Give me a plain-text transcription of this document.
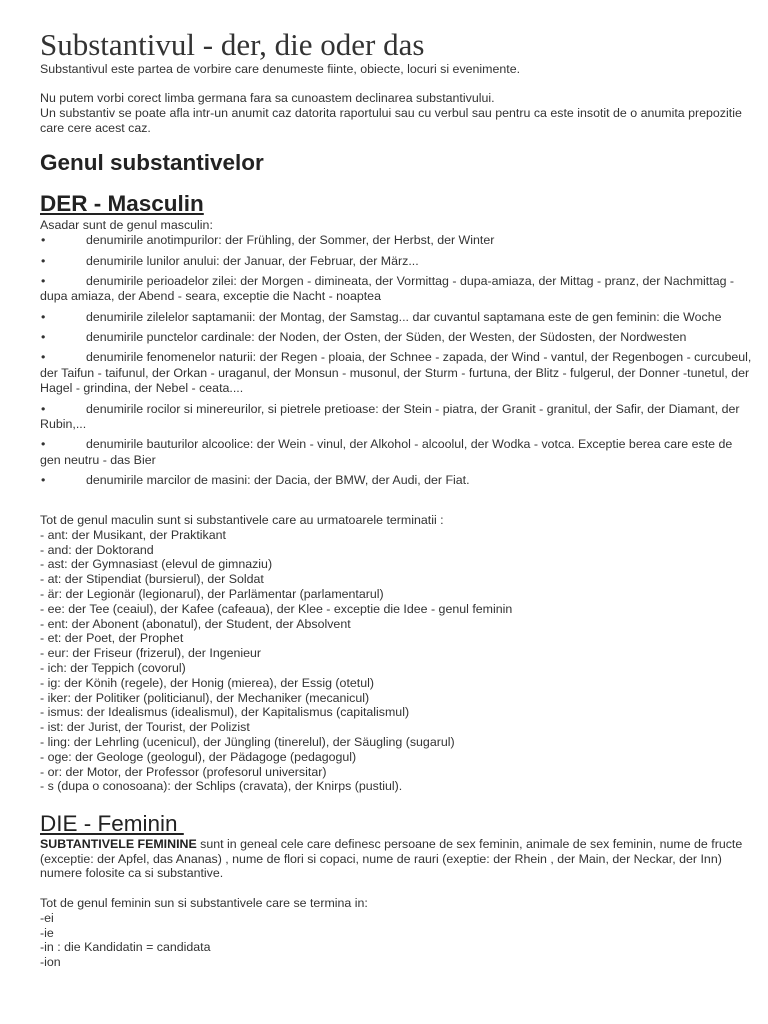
Substantivul - der, die oder das

Substantivul este partea de vorbire care denumeste fiinte, obiecte, locuri si evenimente.

Nu putem vorbi corect limba germana fara sa cunoastem declinarea substantivului.

Un substantiv se poate afla intr-un anumit caz datorita raportului sau cu verbul sau pentru ca este insotit de o anumita prepozitie care cere acest caz.

Genul substantivelor
DER - Masculin

Asadar sunt de genul masculin:

•	denumirile anotimpurilor: der Frühling, der Sommer, der Herbst, der Winter

•	denumirile lunilor anului: der Januar, der Februar, der März...

•	denumirile perioadelor zilei: der Morgen - dimineata, der Vormittag - dupa-amiaza, der Mittag - pranz, der Nachmittag - dupa amiaza, der Abend - seara, exceptie die Nacht - noaptea

•	denumirile zilelelor saptamanii: der Montag, der Samstag... dar cuvantul saptamana este de gen feminin: die Woche

•	denumirile punctelor cardinale: der Noden, der Osten, der Süden, der Westen, der Südosten, der Nordwesten

•	denumirile fenomenelor naturii: der Regen - ploaia, der Schnee - zapada, der Wind - vantul, der Regenbogen - curcubeul, der Taifun - taifunul, der Orkan - uraganul, der Monsun - musonul, der Sturm - furtuna, der Blitz - fulgerul, der Donner -tunetul, der Hagel - grindina, der Nebel - ceata....

•	denumirile rocilor si minereurilor, si pietrele pretioase: der Stein - piatra, der Granit - granitul, der Safir, der Diamant, der Rubin,...

•	denumirile bauturilor alcoolice: der Wein - vinul, der Alkohol - alcoolul, der Wodka - votca. Exceptie berea care este de gen neutru - das Bier

•	denumirile marcilor de masini: der Dacia, der BMW, der Audi, der Fiat.

Tot de genul maculin sunt si substantivele care au urmatoarele terminatii :

- ant: der Musikant, der Praktikant

- and: der Doktorand

- ast: der Gymnasiast (elevul de gimnaziu)

- at: der Stipendiat (bursierul), der Soldat

- är: der Legionär (legionarul), der Parlämentar (parlamentarul)

- ee: der Tee (ceaiul), der Kafee (cafeaua), der Klee - exceptie die Idee - genul feminin

- ent: der Abonent (abonatul), der Student, der Absolvent

- et: der Poet, der Prophet

- eur: der Friseur (frizerul), der Ingenieur

- ich: der Teppich (covorul)

- ig: der Könih (regele), der Honig (mierea), der Essig (otetul)

- iker: der Politiker (politicianul), der Mechaniker (mecanicul)

- ismus: der Idealismus (idealismul), der Kapitalismus (capitalismul)

- ist: der Jurist, der Tourist, der Polizist

- ling: der Lehrling (ucenicul), der Jüngling (tinerelul), der Säugling (sugarul)

- oge: der Geologe (geologul), der Pädagoge (pedagogul)

- or: der Motor, der Professor (profesorul universitar)

- s (dupa o conosoana): der Schlips (cravata), der Knirps (pustiul).

DIE - Feminin

SUBTANTIVELE FEMININE sunt in geneal cele care definesc persoane de sex feminin, animale de sex feminin, nume de fructe (exceptie: der Apfel, das Ananas) , nume de flori si copaci, nume de rauri (exeptie: der Rhein , der Main, der Neckar, der Inn) numere folosite ca si substantive.

Tot de genul feminin sun si substantivele care se termina in:

-ei

-ie

-in : die Kandidatin = candidata

-ion
